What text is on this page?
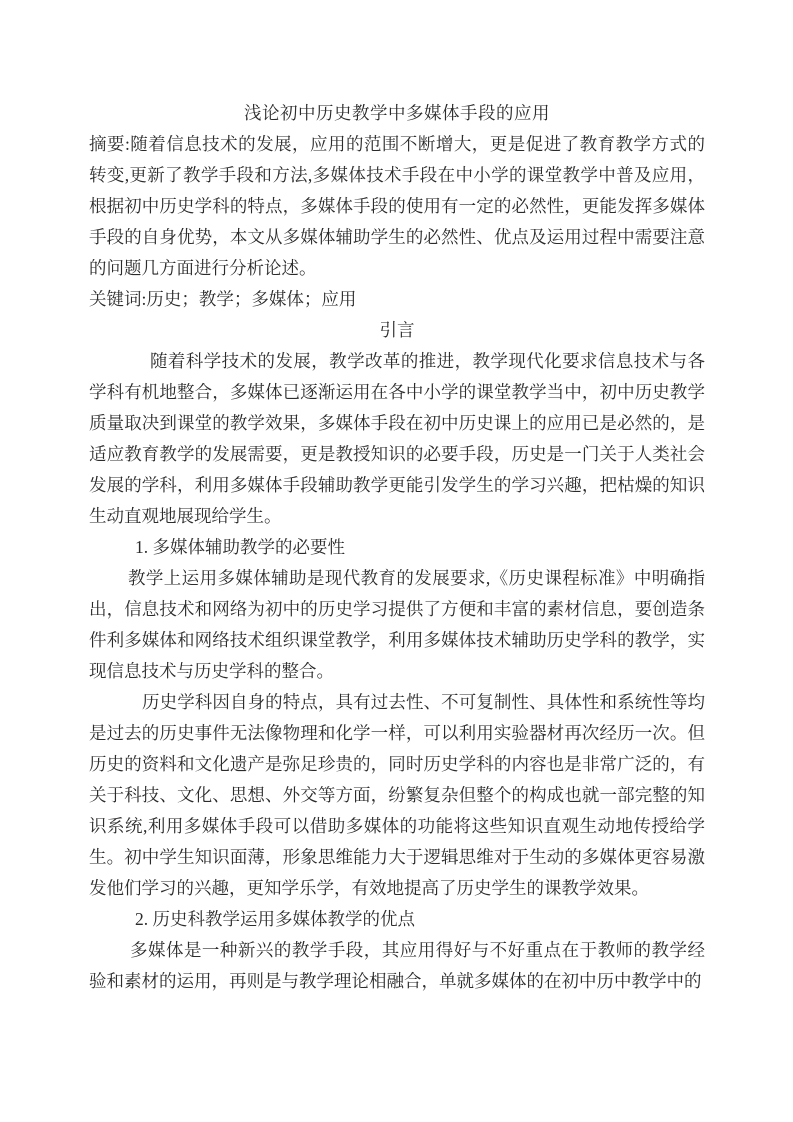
浅论初中历史教学中多媒体手段的应用

摘要:随着信息技术的发展，应用的范围不断增大，更是促进了教育教学方式的转变,更新了教学手段和方法,多媒体技术手段在中小学的课堂教学中普及应用，根据初中历史学科的特点，多媒体手段的使用有一定的必然性，更能发挥多媒体手段的自身优势，本文从多媒体辅助学生的必然性、优点及运用过程中需要注意的问题几方面进行分析论述。

关键词:历史；教学；多媒体；应用

引言

随着科学技术的发展，教学改革的推进，教学现代化要求信息技术与各学科有机地整合，多媒体已逐渐运用在各中小学的课堂教学当中，初中历史教学质量取决到课堂的教学效果，多媒体手段在初中历史课上的应用已是必然的，是适应教育教学的发展需要，更是教授知识的必要手段，历史是一门关于人类社会发展的学科，利用多媒体手段辅助教学更能引发学生的学习兴趣，把枯燥的知识生动直观地展现给学生。

1. 多媒体辅助教学的必要性

教学上运用多媒体辅助是现代教育的发展要求,《历史课程标准》中明确指出，信息技术和网络为初中的历史学习提供了方便和丰富的素材信息，要创造条件利多媒体和网络技术组织课堂教学，利用多媒体技术辅助历史学科的教学，实现信息技术与历史学科的整合。

历史学科因自身的特点，具有过去性、不可复制性、具体性和系统性等均是过去的历史事件无法像物理和化学一样，可以利用实验器材再次经历一次。但历史的资料和文化遗产是弥足珍贵的，同时历史学科的内容也是非常广泛的，有关于科技、文化、思想、外交等方面，纷繁复杂但整个的构成也就一部完整的知识系统,利用多媒体手段可以借助多媒体的功能将这些知识直观生动地传授给学生。初中学生知识面薄，形象思维能力大于逻辑思维对于生动的多媒体更容易激发他们学习的兴趣，更知学乐学，有效地提高了历史学生的课教学效果。

2. 历史科教学运用多媒体教学的优点

多媒体是一种新兴的教学手段，其应用得好与不好重点在于教师的教学经验和素材的运用，再则是与教学理论相融合，单就多媒体的在初中历中教学中的
